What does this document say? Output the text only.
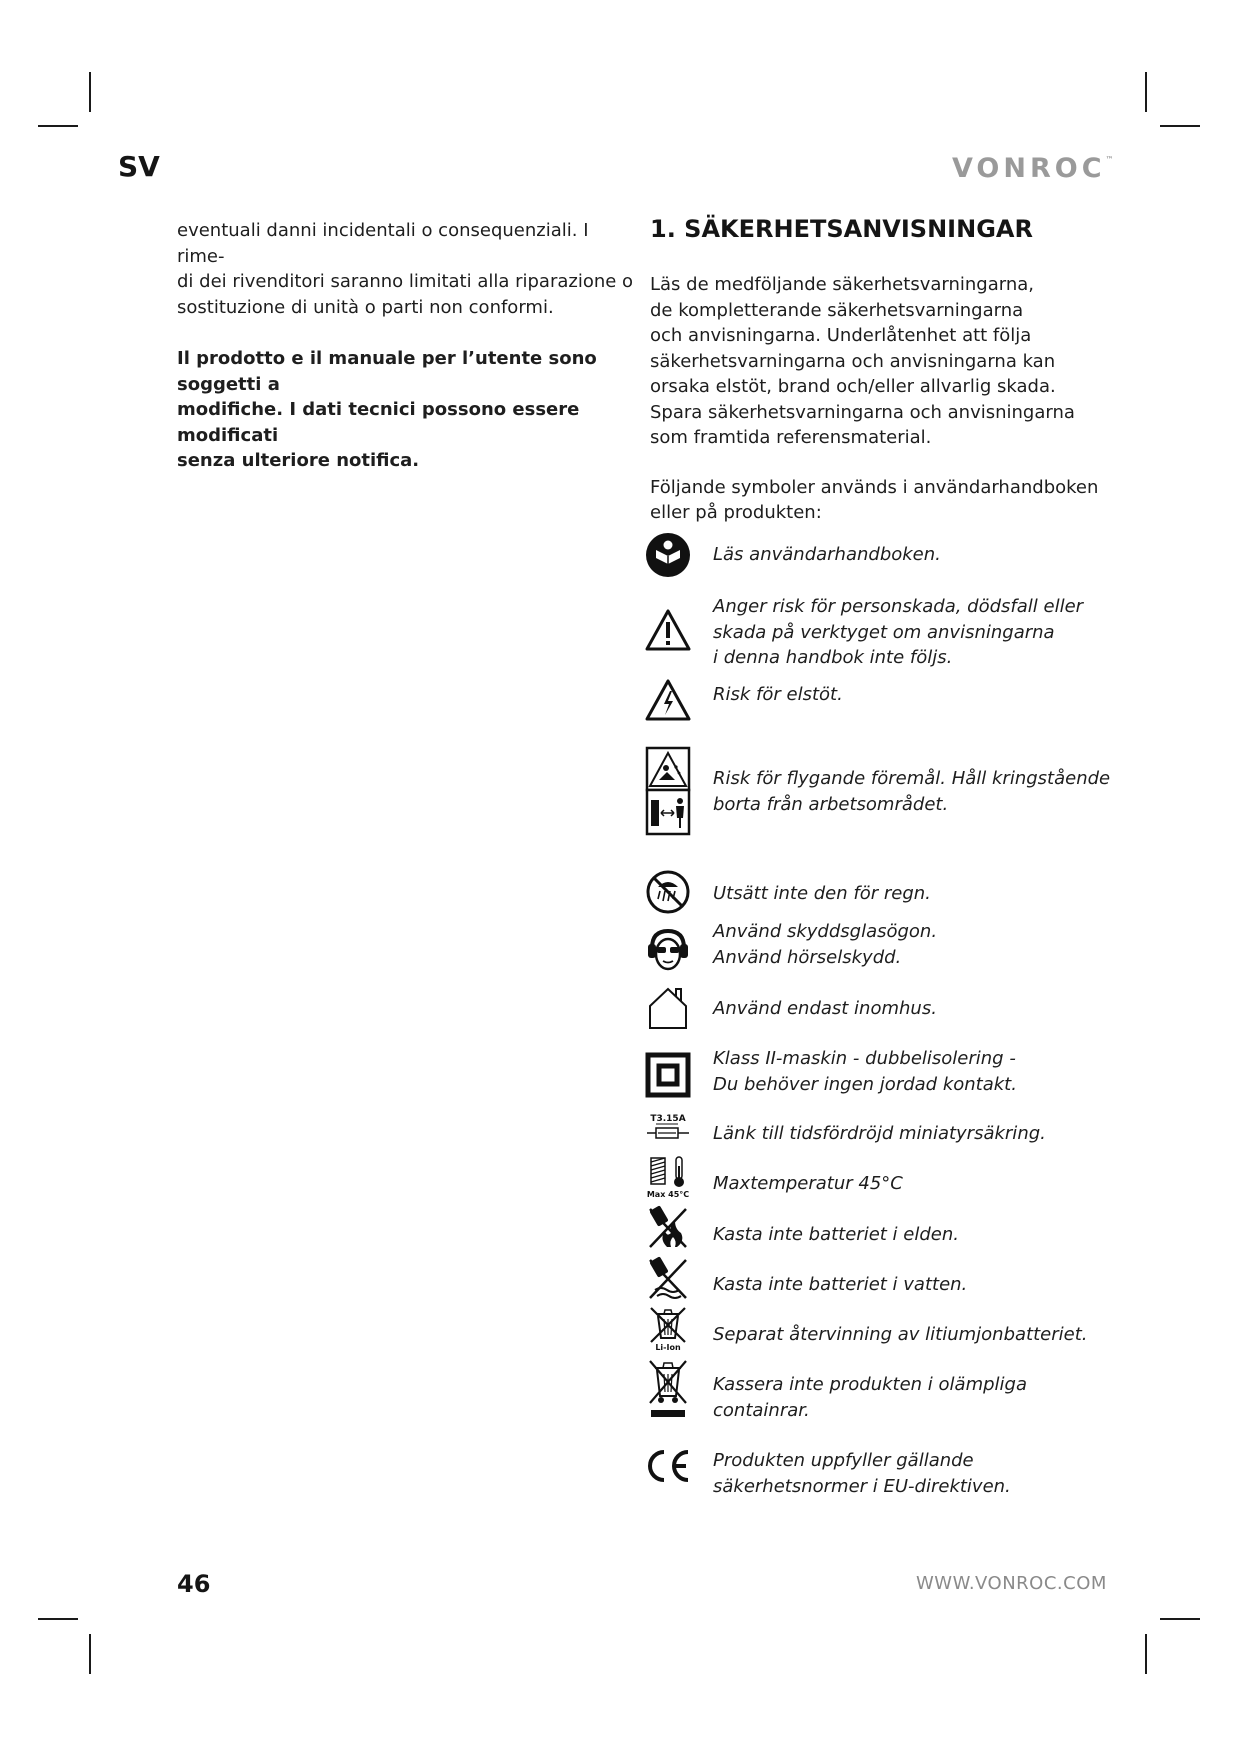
SV	VONROC™

eventuali danni incidentali o consequenziali. I rime-
di dei rivenditori saranno limitati alla riparazione o
sostituzione di unità o parti non conformi.

Il prodotto e il manuale per l’utente sono soggetti a
modifiche. I dati tecnici possono essere modificati
senza ulteriore notifica.

1. SÄKERHETSANVISNINGAR

Läs de medföljande säkerhetsvarningarna,
de kompletterande säkerhetsvarningarna
och anvisningarna. Underlåtenhet att följa
säkerhetsvarningarna och anvisningarna kan
orsaka elstöt, brand och/eller allvarlig skada.
Spara säkerhetsvarningarna och anvisningarna
som framtida referensmaterial.

Följande symboler används i användarhandboken
eller på produkten:

Läs användarhandboken.

Anger risk för personskada, dödsfall eller
skada på verktyget om anvisningarna
i denna handbok inte följs.

Risk för elstöt.

Risk för flygande föremål. Håll kringstående
borta från arbetsområdet.

Utsätt inte den för regn.

Använd skyddsglasögon.
Använd hörselskydd.

Använd endast inomhus.

Klass II-maskin - dubbelisolering -
Du behöver ingen jordad kontakt.

T3.15A

Länk till tidsfördröjd miniatyrsäkring.

Max 45°C

Maxtemperatur 45°C

Kasta inte batteriet i elden.

Kasta inte batteriet i vatten.

Li-Ion

Separat återvinning av litiumjonbatteriet.

Kassera inte produkten i olämpliga
containrar.

Produkten uppfyller gällande
säkerhetsnormer i EU-direktiven.

46	WWW.VONROC.COM
